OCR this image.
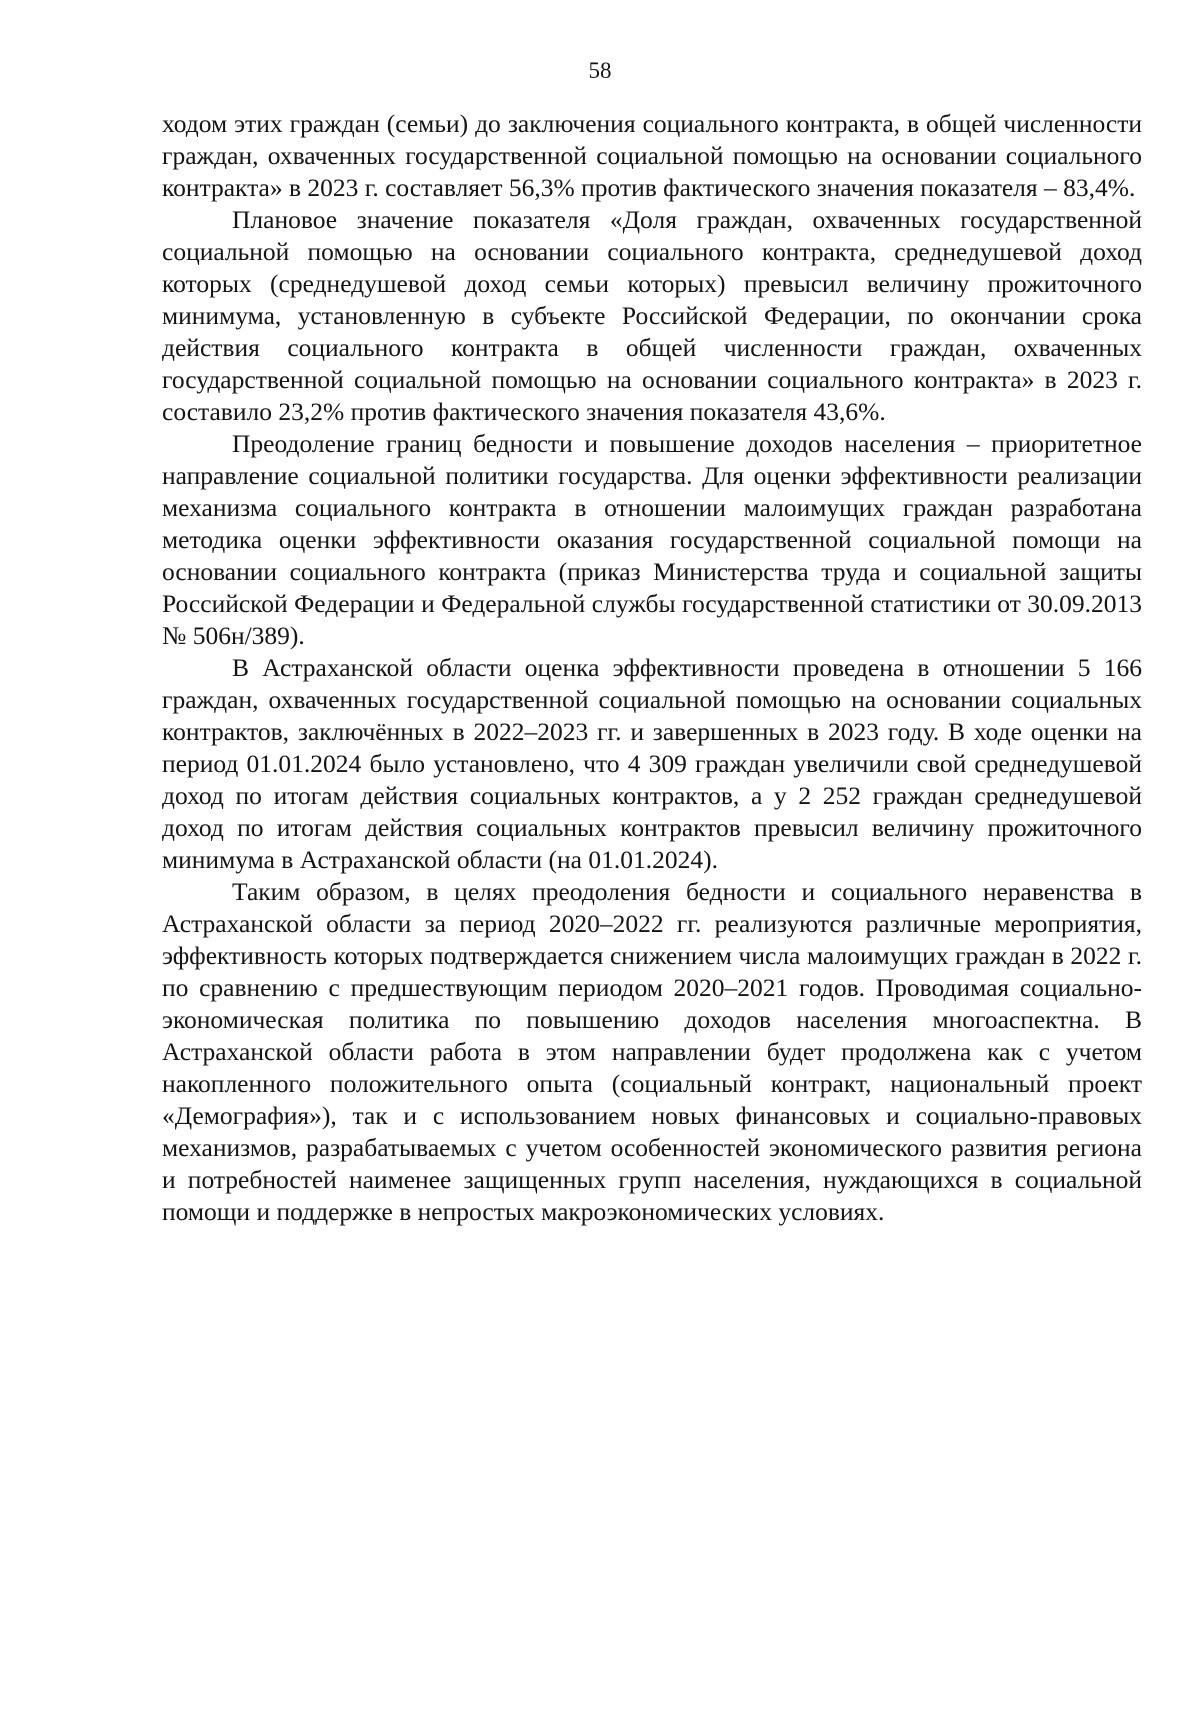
58

ходом этих граждан (семьи) до заключения социального контракта, в общей численности граждан, охваченных государственной социальной помощью на основании социального контракта» в 2023 г. составляет 56,3% против фактического значения показателя – 83,4%.

Плановое значение показателя «Доля граждан, охваченных государственной социальной помощью на основании социального контракта, среднедушевой доход которых (среднедушевой доход семьи которых) превысил величину прожиточного минимума, установленную в субъекте Российской Федерации, по окончании срока действия социального контракта в общей численности граждан, охваченных государственной социальной помощью на основании социального контракта» в 2023 г. составило 23,2% против фактического значения показателя 43,6%.

Преодоление границ бедности и повышение доходов населения – приоритетное направление социальной политики государства. Для оценки эффективности реализации механизма социального контракта в отношении малоимущих граждан разработана методика оценки эффективности оказания государственной социальной помощи на основании социального контракта (приказ Министерства труда и социальной защиты Российской Федерации и Федеральной службы государственной статистики от 30.09.2013 № 506н/389).

В Астраханской области оценка эффективности проведена в отношении 5 166 граждан, охваченных государственной социальной помощью на основании социальных контрактов, заключённых в 2022–2023 гг. и завершенных в 2023 году. В ходе оценки на период 01.01.2024 было установлено, что 4 309 граждан увеличили свой среднедушевой доход по итогам действия социальных контрактов, а у 2 252 граждан среднедушевой доход по итогам действия социальных контрактов превысил величину прожиточного минимума в Астраханской области (на 01.01.2024).

Таким образом, в целях преодоления бедности и социального неравенства в Астраханской области за период 2020–2022 гг. реализуются различные мероприятия, эффективность которых подтверждается снижением числа малоимущих граждан в 2022 г. по сравнению с предшествующим периодом 2020–2021 годов. Проводимая социально-экономическая политика по повышению доходов населения многоаспектна. В Астраханской области работа в этом направлении будет продолжена как с учетом накопленного положительного опыта (социальный контракт, национальный проект «Демография»), так и с использованием новых финансовых и социально-правовых механизмов, разрабатываемых с учетом особенностей экономического развития региона и потребностей наименее защищенных групп населения, нуждающихся в социальной помощи и поддержке в непростых макроэкономических условиях.
